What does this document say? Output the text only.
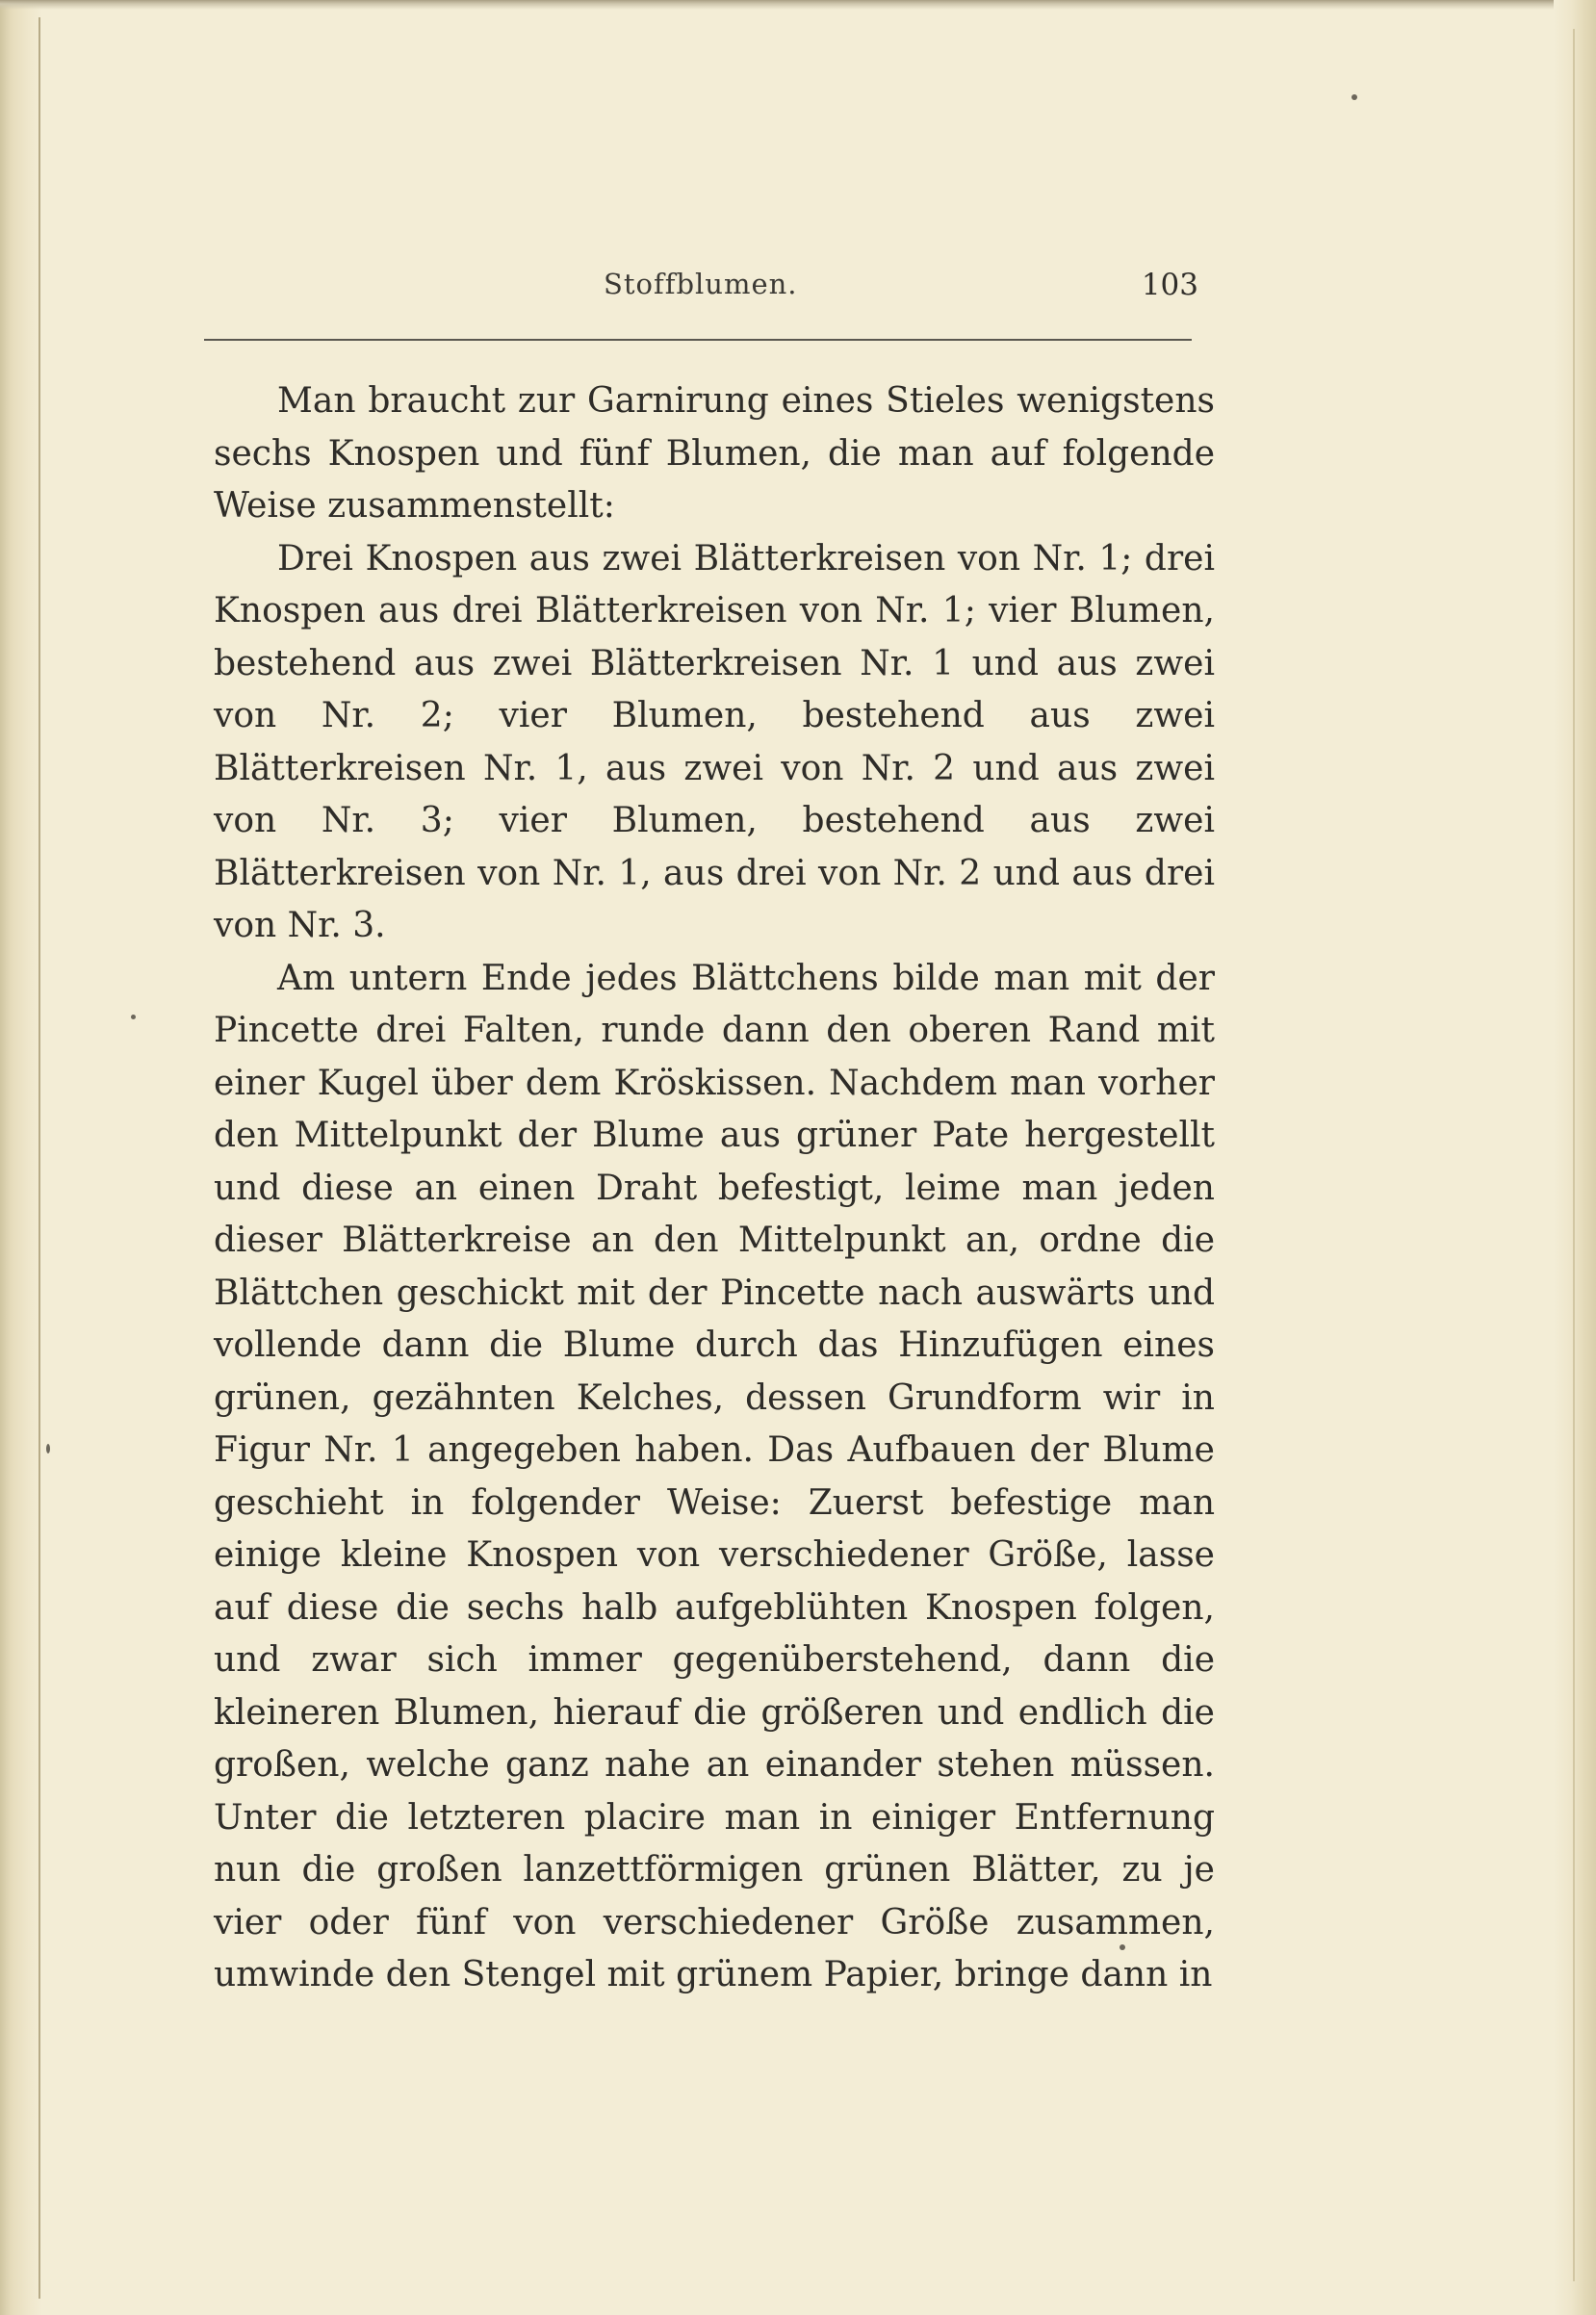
Stoffblumen.	103

Man braucht zur Garnirung eines Stieles wenigstens sechs Knospen und fünf Blumen, die man auf folgende Weise zusammenstellt:

Drei Knospen aus zwei Blätterkreisen von Nr. 1; drei Knospen aus drei Blätterkreisen von Nr. 1; vier Blumen, bestehend aus zwei Blätterkreisen Nr. 1 und aus zwei von Nr. 2; vier Blumen, bestehend aus zwei Blätterkreisen Nr. 1, aus zwei von Nr. 2 und aus zwei von Nr. 3; vier Blumen, bestehend aus zwei Blätterkreisen von Nr. 1, aus drei von Nr. 2 und aus drei von Nr. 3.

Am untern Ende jedes Blättchens bilde man mit der Pincette drei Falten, runde dann den oberen Rand mit einer Kugel über dem Kröskissen. Nachdem man vorher den Mittelpunkt der Blume aus grüner Pate hergestellt und diese an einen Draht befestigt, leime man jeden dieser Blätterkreise an den Mittelpunkt an, ordne die Blättchen geschickt mit der Pincette nach auswärts und vollende dann die Blume durch das Hinzufügen eines grünen, gezähnten Kelches, dessen Grundform wir in Figur Nr. 1 angegeben haben. Das Aufbauen der Blume geschieht in folgender Weise: Zuerst befestige man einige kleine Knospen von verschiedener Größe, lasse auf diese die sechs halb aufgeblühten Knospen folgen, und zwar sich immer gegenüberstehend, dann die kleineren Blumen, hierauf die größeren und endlich die großen, welche ganz nahe an einander stehen müssen. Unter die letzteren placire man in einiger Entfernung nun die großen lanzettförmigen grünen Blätter, zu je vier oder fünf von verschiedener Größe zusammen, umwinde den Stengel mit grünem Papier, bringe dann in
